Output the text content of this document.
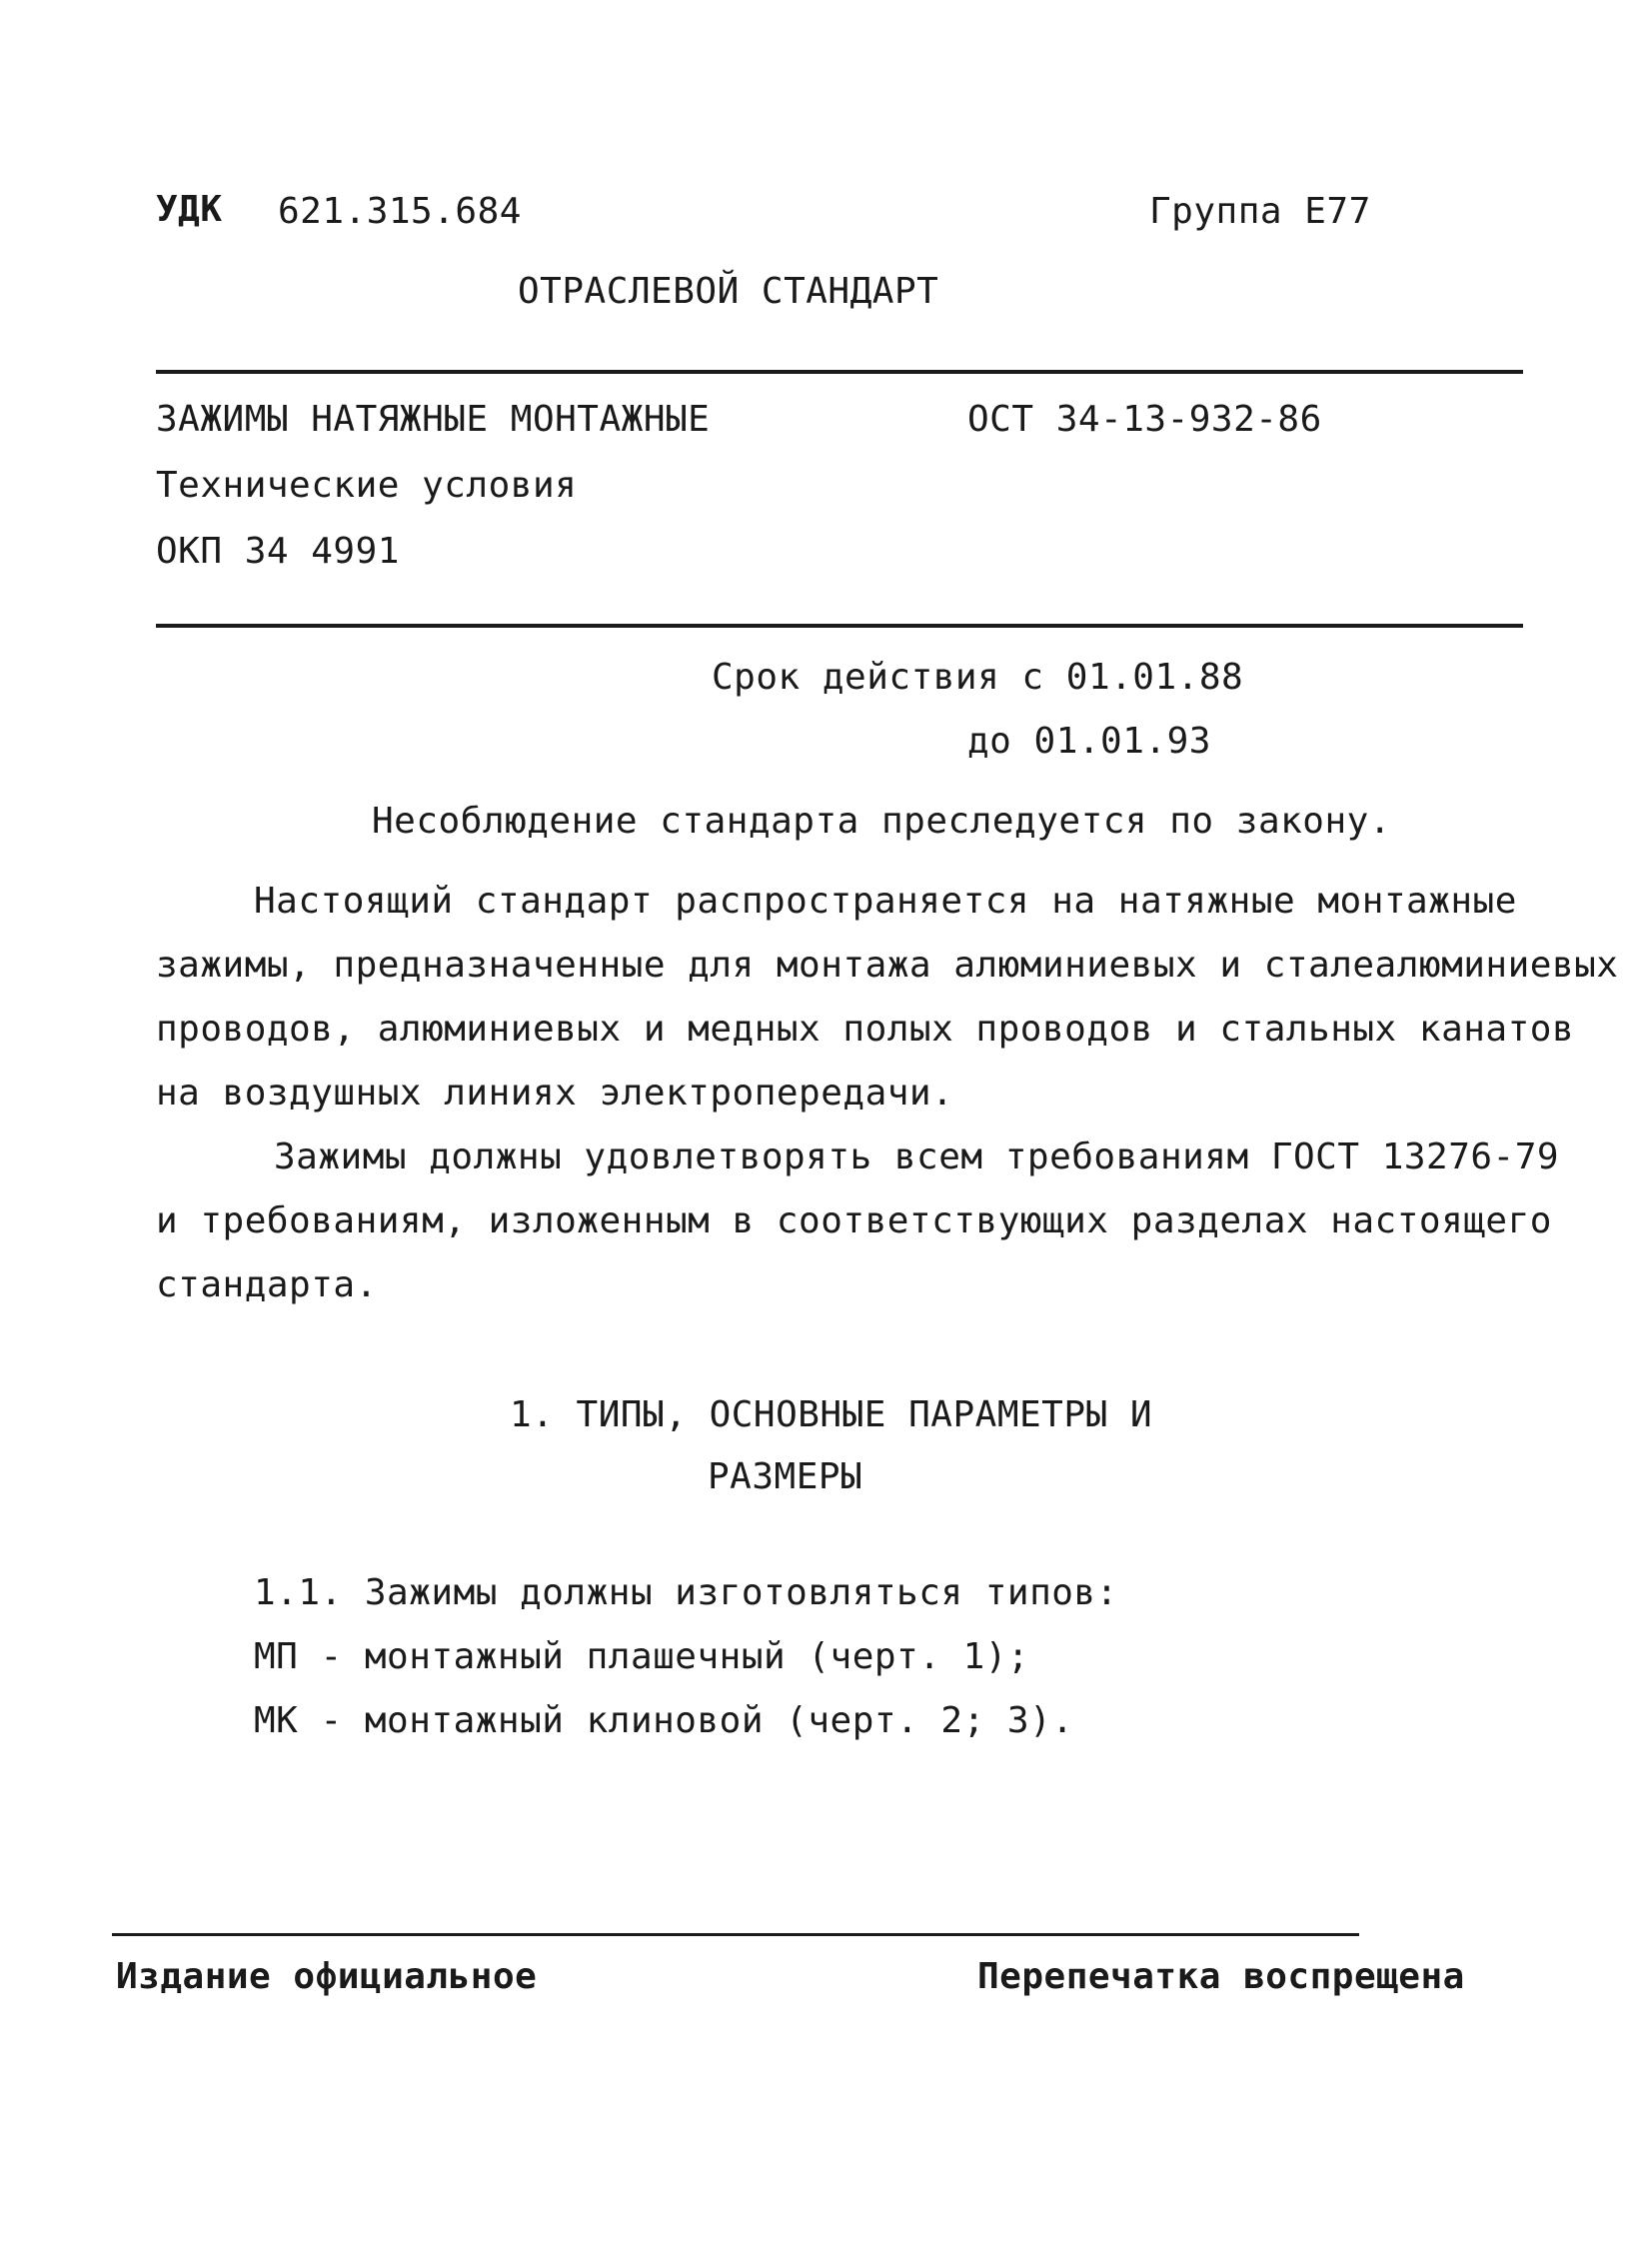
УДК 621.315.684	Группа Е77
ОТРАСЛЕВОЙ СТАНДАРТ
ЗАЖИМЫ НАТЯЖНЫЕ МОНТАЖНЫЕ	ОСТ 34-13-932-86
Технические условия
ОКП 34 4991
Срок действия с 01.01.88
до 01.01.93
Несоблюдение стандарта преследуется по закону.
Настоящий стандарт распространяется на натяжные монтажные
зажимы, предназначенные для монтажа алюминиевых и сталеалюминиевых
проводов, алюминиевых и медных полых проводов и стальных канатов
на воздушных линиях электропередачи.
Зажимы должны удовлетворять всем требованиям ГОСТ 13276-79
и требованиям, изложенным в соответствующих разделах настоящего
стандарта.
1. ТИПЫ, ОСНОВНЫЕ ПАРАМЕТРЫ И
РАЗМЕРЫ
1.1. Зажимы должны изготовляться типов:
МП - монтажный плашечный (черт. 1);
МК - монтажный клиновой (черт. 2; 3).
Издание официальное	Перепечатка воспрещена
